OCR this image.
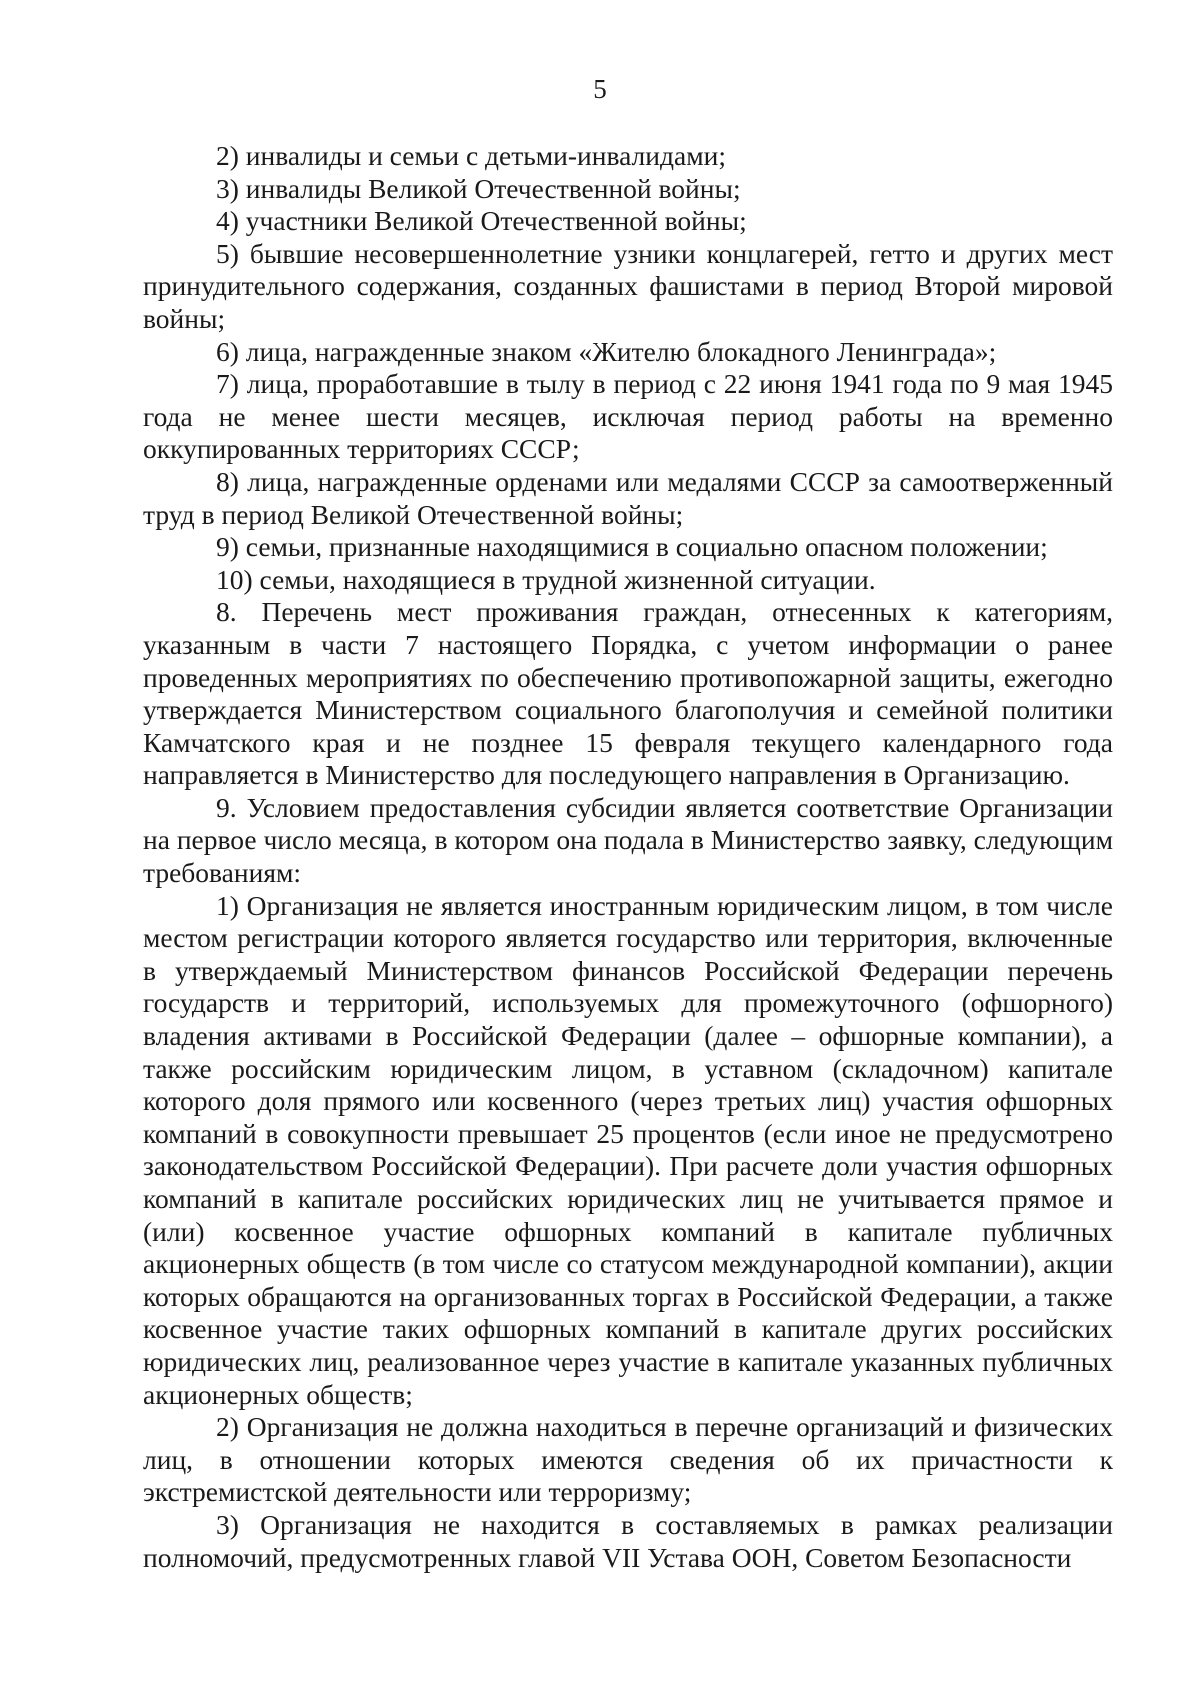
5

2) инвалиды и семьи с детьми-инвалидами;

3) инвалиды Великой Отечественной войны;

4) участники Великой Отечественной войны;

5) бывшие несовершеннолетние узники концлагерей, гетто и других мест принудительного содержания, созданных фашистами в период Второй мировой войны;

6) лица, награжденные знаком «Жителю блокадного Ленинграда»;

7) лица, проработавшие в тылу в период с 22 июня 1941 года по 9 мая 1945 года не менее шести месяцев, исключая период работы на временно оккупированных территориях СССР;

8) лица, награжденные орденами или медалями СССР за самоотверженный труд в период Великой Отечественной войны;

9) семьи, признанные находящимися в социально опасном положении;

10) семьи, находящиеся в трудной жизненной ситуации.

8. Перечень мест проживания граждан, отнесенных к категориям, указанным в части 7 настоящего Порядка, с учетом информации о ранее проведенных мероприятиях по обеспечению противопожарной защиты, ежегодно утверждается Министерством социального благополучия и семейной политики Камчатского края и не позднее 15 февраля текущего календарного года направляется в Министерство для последующего направления в Организацию.

9. Условием предоставления субсидии является соответствие Организации на первое число месяца, в котором она подала в Министерство заявку, следующим требованиям:

1) Организация не является иностранным юридическим лицом, в том числе местом регистрации которого является государство или территория, включенные в утверждаемый Министерством финансов Российской Федерации перечень государств и территорий, используемых для промежуточного (офшорного) владения активами в Российской Федерации (далее – офшорные компании), а также российским юридическим лицом, в уставном (складочном) капитале которого доля прямого или косвенного (через третьих лиц) участия офшорных компаний в совокупности превышает 25 процентов (если иное не предусмотрено законодательством Российской Федерации). При расчете доли участия офшорных компаний в капитале российских юридических лиц не учитывается прямое и (или) косвенное участие офшорных компаний в капитале публичных акционерных обществ (в том числе со статусом международной компании), акции которых обращаются на организованных торгах в Российской Федерации, а также косвенное участие таких офшорных компаний в капитале других российских юридических лиц, реализованное через участие в капитале указанных публичных акционерных обществ;

2) Организация не должна находиться в перечне организаций и физических лиц, в отношении которых имеются сведения об их причастности к экстремистской деятельности или терроризму;

3) Организация не находится в составляемых в рамках реализации полномочий, предусмотренных главой VII Устава ООН, Советом Безопасности
